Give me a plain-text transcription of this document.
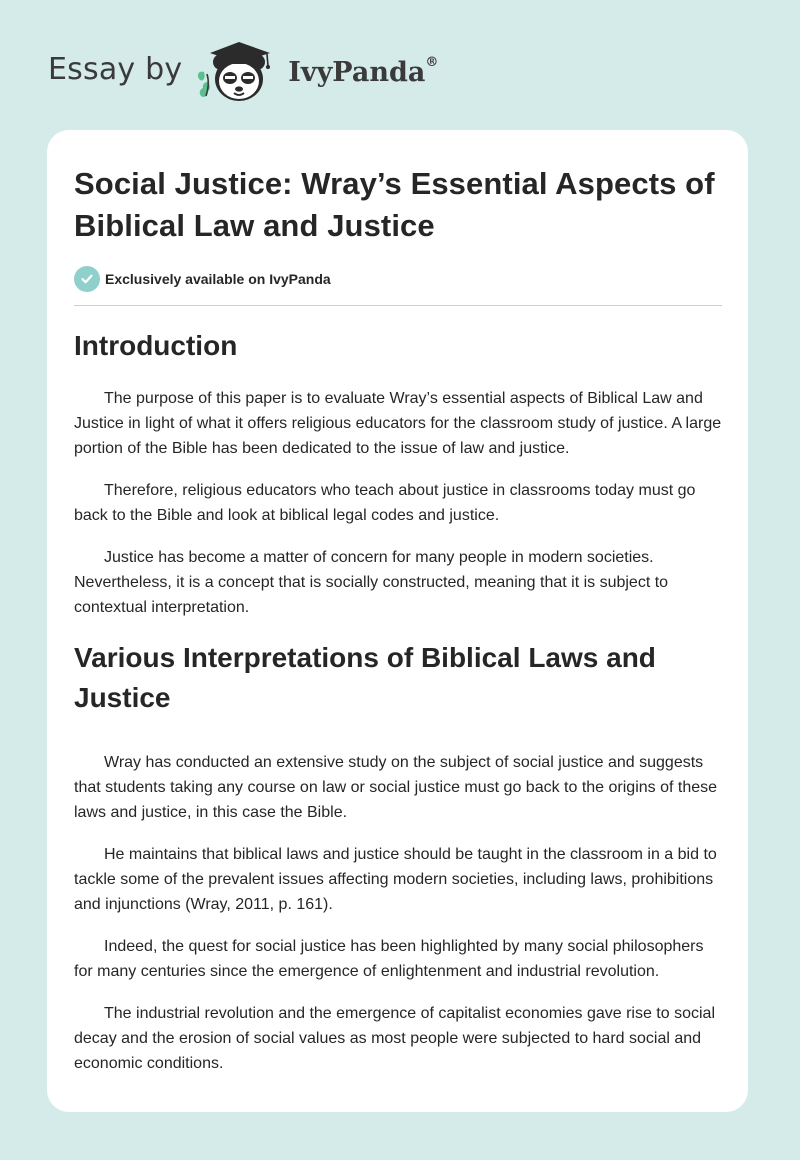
Essay by	IvyPanda®
Social Justice: Wray’s Essential Aspects of Biblical Law and Justice
Exclusively available on IvyPanda
Introduction

The purpose of this paper is to evaluate Wray’s essential aspects of Biblical Law and Justice in light of what it offers religious educators for the classroom study of justice. A large portion of the Bible has been dedicated to the issue of law and justice.

Therefore, religious educators who teach about justice in classrooms today must go back to the Bible and look at biblical legal codes and justice.

Justice has become a matter of concern for many people in modern societies. Nevertheless, it is a concept that is socially constructed, meaning that it is subject to contextual interpretation.

Various Interpretations of Biblical Laws and Justice

Wray has conducted an extensive study on the subject of social justice and suggests that students taking any course on law or social justice must go back to the origins of these laws and justice, in this case the Bible.

He maintains that biblical laws and justice should be taught in the classroom in a bid to tackle some of the prevalent issues affecting modern societies, including laws, prohibitions and injunctions (Wray, 2011, p. 161).

Indeed, the quest for social justice has been highlighted by many social philosophers for many centuries since the emergence of enlightenment and industrial revolution.

The industrial revolution and the emergence of capitalist economies gave rise to social decay and the erosion of social values as most people were subjected to hard social and economic conditions.
